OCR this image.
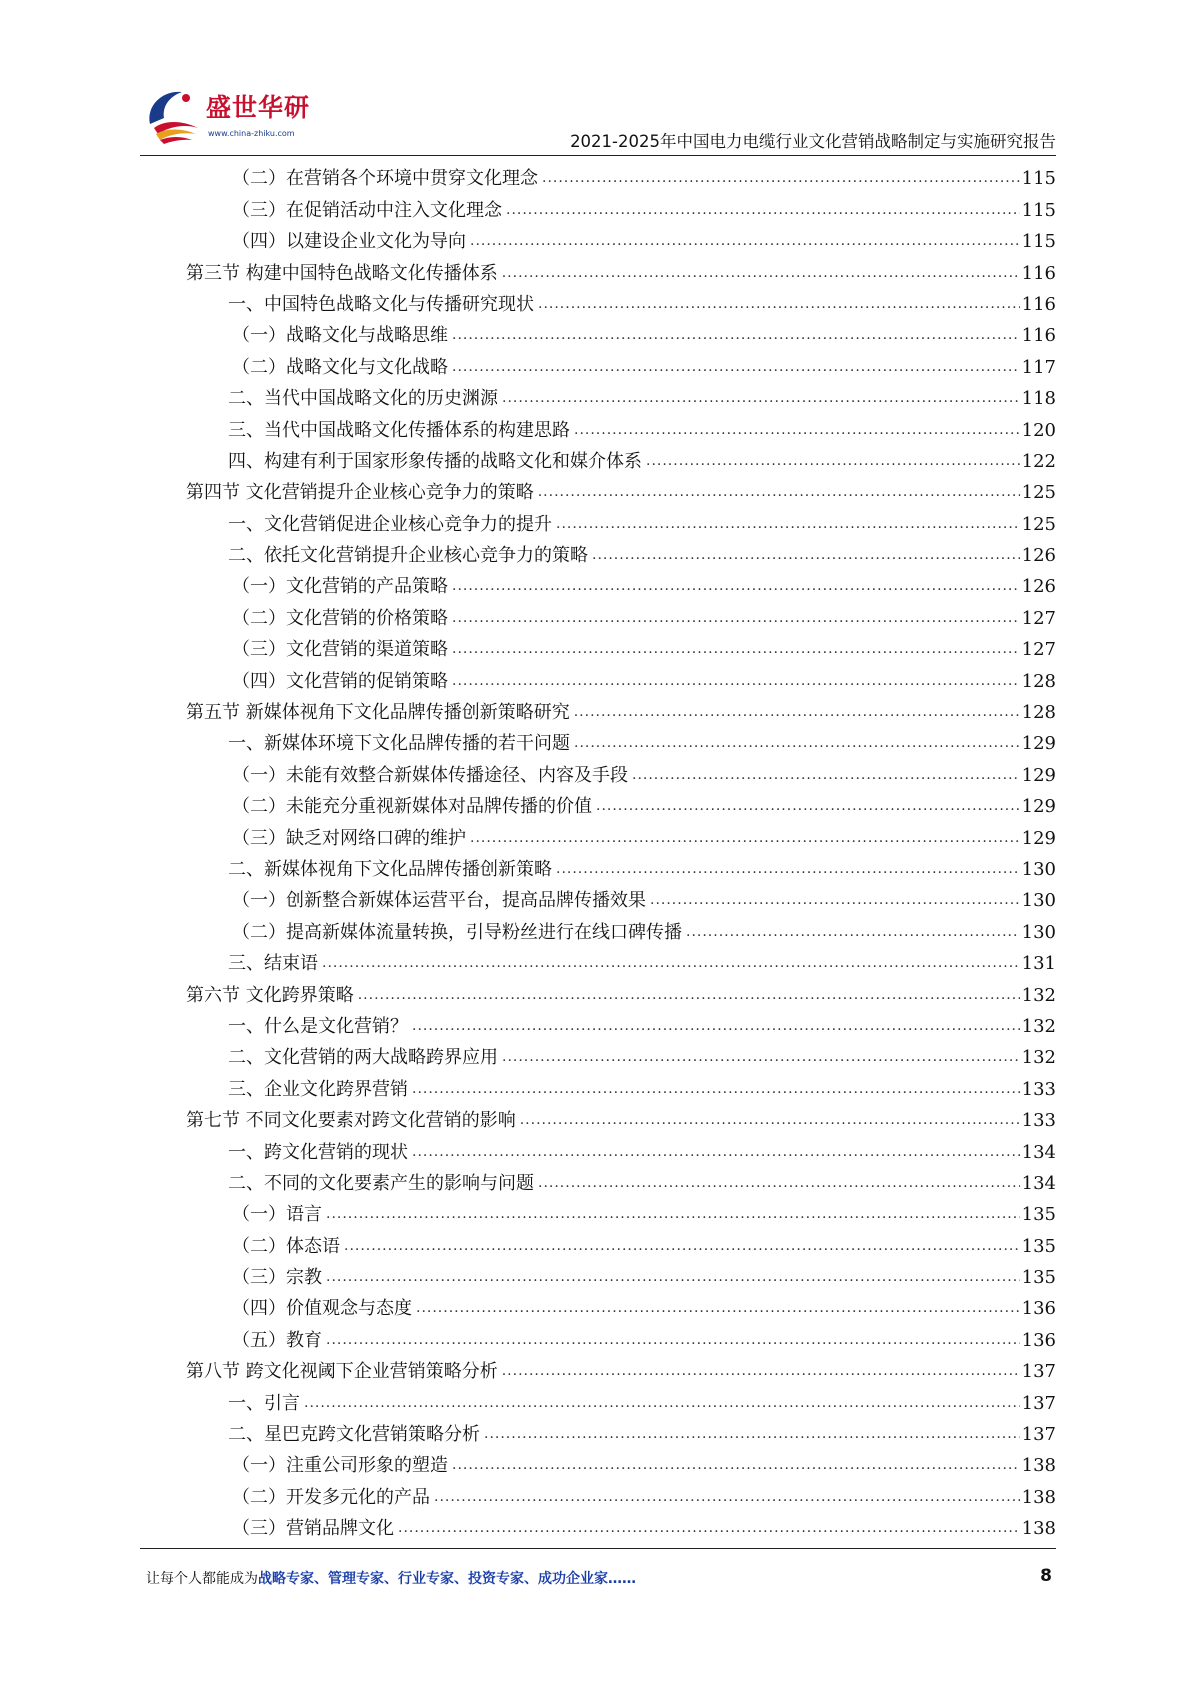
盛世华研
www.china-zhiku.com	2021-2025年中国电力电缆行业文化营销战略制定与实施研究报告
（二）在营销各个环境中贯穿文化理念 .....	115
（三）在促销活动中注入文化理念 .....	115
（四）以建设企业文化为导向 .....	115
第三节 构建中国特色战略文化传播体系 .....	116
一、中国特色战略文化与传播研究现状 .....	116
（一）战略文化与战略思维 .....	116
（二）战略文化与文化战略 .....	117
二、当代中国战略文化的历史渊源 .....	118
三、当代中国战略文化传播体系的构建思路 .....	120
四、构建有利于国家形象传播的战略文化和媒介体系 .....	122
第四节 文化营销提升企业核心竞争力的策略 .....	125
一、文化营销促进企业核心竞争力的提升 .....	125
二、依托文化营销提升企业核心竞争力的策略 .....	126
（一）文化营销的产品策略 .....	126
（二）文化营销的价格策略 .....	127
（三）文化营销的渠道策略 .....	127
（四）文化营销的促销策略 .....	128
第五节 新媒体视角下文化品牌传播创新策略研究 .....	128
一、新媒体环境下文化品牌传播的若干问题 .....	129
（一）未能有效整合新媒体传播途径、内容及手段 .....	129
（二）未能充分重视新媒体对品牌传播的价值 .....	129
（三）缺乏对网络口碑的维护 .....	129
二、新媒体视角下文化品牌传播创新策略 .....	130
（一）创新整合新媒体运营平台，提高品牌传播效果 .....	130
（二）提高新媒体流量转换，引导粉丝进行在线口碑传播 .....	130
三、结束语 .....	131
第六节 文化跨界策略 .....	132
一、什么是文化营销？ .....	132
二、文化营销的两大战略跨界应用 .....	132
三、企业文化跨界营销 .....	133
第七节 不同文化要素对跨文化营销的影响 .....	133
一、跨文化营销的现状 .....	134
二、不同的文化要素产生的影响与问题 .....	134
（一）语言 .....	135
（二）体态语 .....	135
（三）宗教 .....	135
（四）价值观念与态度 .....	136
（五）教育 .....	136
第八节 跨文化视阈下企业营销策略分析 .....	137
一、引言 .....	137
二、星巴克跨文化营销策略分析 .....	137
（一）注重公司形象的塑造 .....	138
（二）开发多元化的产品 .....	138
（三）营销品牌文化 .....	138
让每个人都能成为战略专家、管理专家、行业专家、投资专家、成功企业家……	8
